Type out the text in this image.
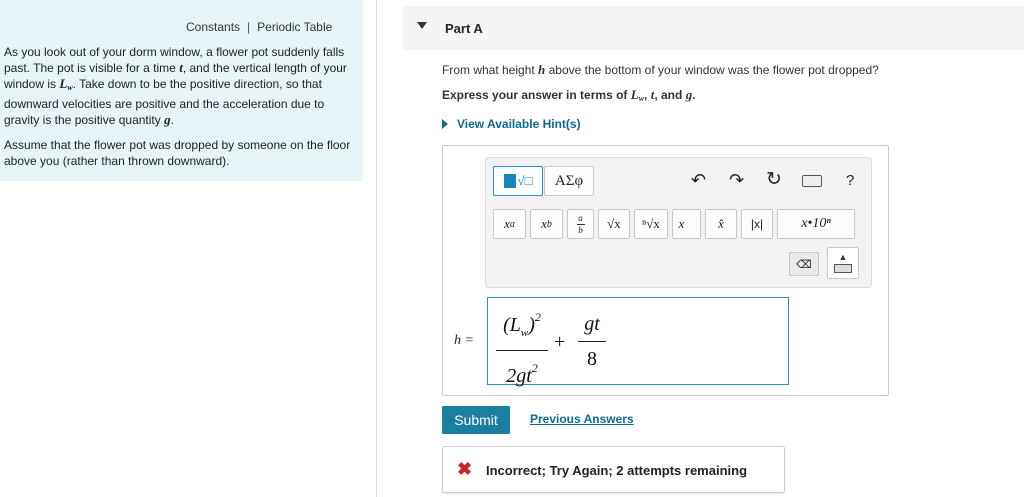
Constants | Periodic Table
As you look out of your dorm window, a flower pot suddenly falls past. The pot is visible for a time t, and the vertical length of your window is $L_w$. Take down to be the positive direction, so that downward velocities are positive and the acceleration due to gravity is the positive quantity g.
Assume that the flower pot was dropped by someone on the floor above you (rather than thrown downward).
Part A
From what height h above the bottom of your window was the flower pot dropped?
Express your answer in terms of $L_w$, t, and g.
View Available Hint(s)
√□	ΑΣφ	↶ ↷ ↻	?
x a x b
a
b	√x	ⁿ√x	x⃗	x̂	|x|	x•10ⁿ
⌫
▲
h =
$(L_w)^2$
$2gt^2$
+
gt
8
Submit	Previous Answers
✖ Incorrect; Try Again; 2 attempts remaining
